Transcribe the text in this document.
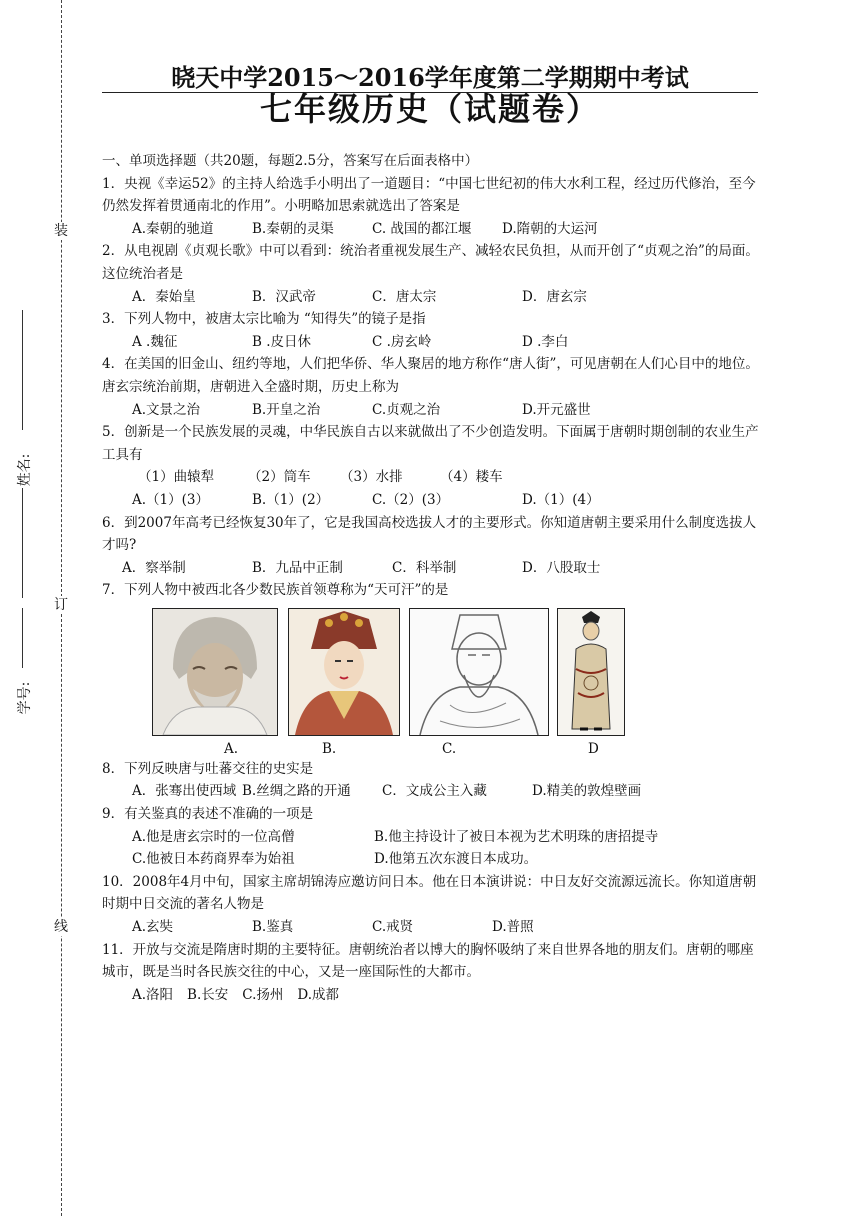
装
订
线
姓名:
学号:
晓天中学2015～2016学年度第二学期期中考试
七年级历史（试题卷）

一、单项选择题（共20题，每题2.5分，答案写在后面表格中）

1．央视《幸运52》的主持人给选手小明出了一道题目：“中国七世纪初的伟大水利工程，经过历代修治，至今仍然发挥着贯通南北的作用”。小明略加思索就选出了答案是

A.秦朝的驰道	B.秦朝的灵渠	C. 战国的都江堰	D.隋朝的大运河

2．从电视剧《贞观长歌》中可以看到：统治者重视发展生产、减轻农民负担，从而开创了“贞观之治”的局面。这位统治者是

A．秦始皇	B．汉武帝	C．唐太宗	D．唐玄宗

3．下列人物中，被唐太宗比喻为 “知得失”的镜子是指

A .魏征	B .皮日休	C .房玄岭	D .李白

4．在美国的旧金山、纽约等地，人们把华侨、华人聚居的地方称作“唐人街”，可见唐朝在人们心目中的地位。唐玄宗统治前期，唐朝进入全盛时期，历史上称为

A.文景之治	B.开皇之治	C.贞观之治	D.开元盛世

5．创新是一个民族发展的灵魂，中华民族自古以来就做出了不少创造发明。下面属于唐朝时期创制的农业生产工具有

（1）曲辕犁	（2）筒车	（3）水排	（4）耧车
A.（1）(3）	B.（1）(2）	C.（2）(3）	D.（1）(4）

6．到2007年高考已经恢复30年了，它是我国高校选拔人才的主要形式。你知道唐朝主要采用什么制度选拔人才吗?

A．察举制	B．九品中正制	C．科举制	D．八股取士

7．下列人物中被西北各少数民族首领尊称为“天可汗”的是

A.	B.	C.	D

8．下列反映唐与吐蕃交往的史实是

A．张骞出使西域 B.丝绸之路的开通	C．文成公主入藏	D.精美的敦煌壁画

9．有关鉴真的表述不准确的一项是

A.他是唐玄宗时的一位高僧	B.他主持设计了被日本视为艺术明珠的唐招提寺
C.他被日本药商界奉为始祖	D.他第五次东渡日本成功。

10．2008年4月中旬，国家主席胡锦涛应邀访问日本。他在日本演讲说：中日友好交流源远流长。你知道唐朝时期中日交流的著名人物是

A.玄奘	B.鉴真	C.戒贤	D.普照

11．开放与交流是隋唐时期的主要特征。唐朝统治者以博大的胸怀吸纳了来自世界各地的朋友们。唐朝的哪座城市，既是当时各民族交往的中心，又是一座国际性的大都市。

A.洛阳 B.长安 C.扬州 D.成都
